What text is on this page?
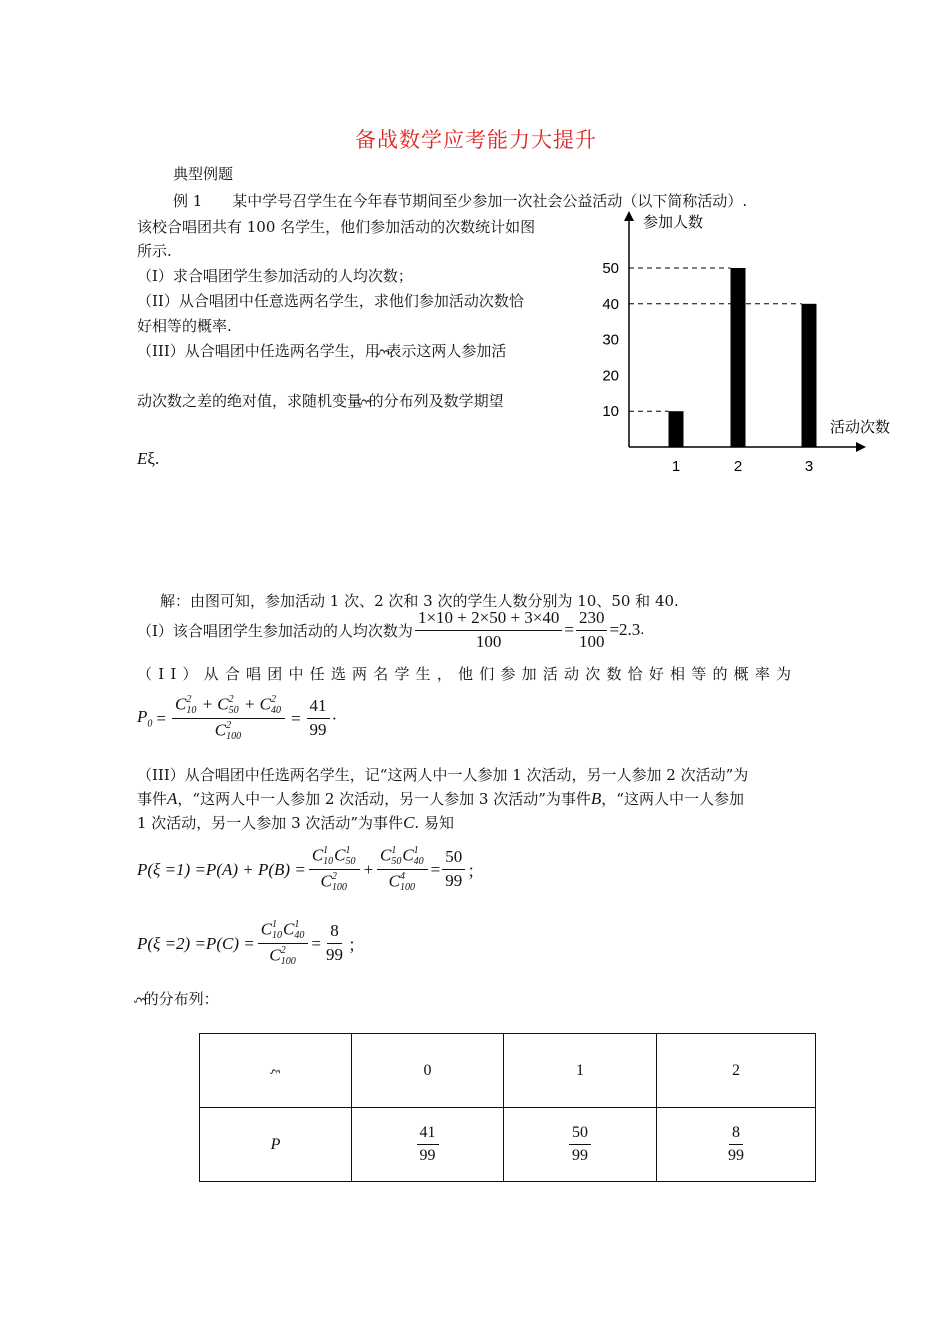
备战数学应考能力大提升
典型例题
例 1　　某中学号召学生在今年春节期间至少参加一次社会公益活动（以下简称活动）.
该校合唱团共有 100 名学生，他们参加活动的次数统计如图
所示.
（I）求合唱团学生参加活动的人均次数；
（II）从合唱团中任意选两名学生，求他们参加活动次数恰
好相等的概率.
（III）从合唱团中任选两名学生，用ξ表示这两人参加活
动次数之差的绝对值，求随机变量ξ的分布列及数学期望
Eξ.
10
20
30
40
50
1	2	3
参加人数
活动次数
解：由图可知，参加活动 1 次、2 次和 3 次的学生人数分别为 10、50 和 40.
（I）该合唱团学生参加活动的人均次数为 $\frac{1\times 10 + 2\times 50 + 3\times 40}{100} = \frac{230}{100} =2.3$ .
（II）从合唱团中任选两名学生，他们参加活动次数恰好相等的概率为
$P_0 = C$ 2
10 + C 2
50 + C 2
40
C 2
$100 = \frac{41}{99}$ ·
（III）从合唱团中任选两名学生，记“这两人中一人参加 1 次活动，另一人参加 2 次活动”为
事件A，“这两人中一人参加 2 次活动，另一人参加 3 次活动”为事件B，“这两人中一人参加
1 次活动，另一人参加 3 次活动”为事件C. 易知
P(ξ =1) =P(A) + P(B) = C 1
10 C 1
50
C 2
100 + C 1
50 C 1
40
C 4
$100 = \frac{50}{99}$ ；
P(ξ =2) =P(C) = C 1
10 C 1
40
C 2
$100 = \frac{8}{99}$ ；
ξ的分布列：
ξ	0	1	2
P	$\frac{41}{99}$	$\frac{50}{99}$	$\frac{8}{99}$
